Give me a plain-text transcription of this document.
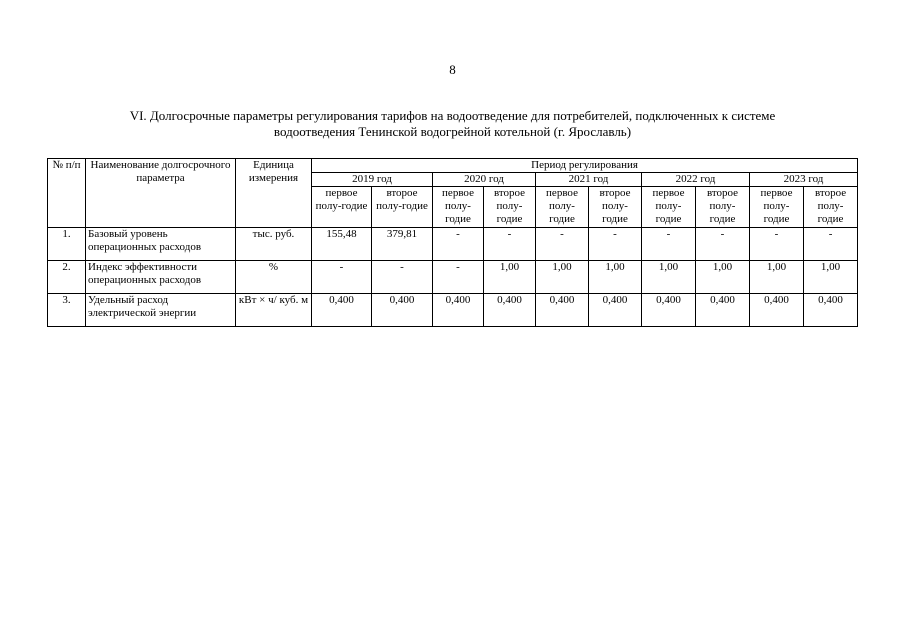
8
VI. Долгосрочные параметры регулирования тарифов на водоотведение для потребителей, подключенных к системе
водоотведения Тенинской водогрейной котельной (г. Ярославль)
№ п/п	Наименование долгосрочного параметра	Единица измерения	Период регулирования									
			2019 год		2020 год		2021 год		2022 год		2023 год	
			первое полу-годие	второе полу-годие	первое полу-годие	второе полу-годие	первое полу-годие	второе полу-годие	первое полу-годие	второе полу-годие	первое полу-годие	второе полу-годие
1.	Базовый уровень операционных расходов	тыс. руб.	155,48	379,81	-	-	-	-	-	-	-	-
2.	Индекс эффективности операционных расходов	%	-	-	-	1,00	1,00	1,00	1,00	1,00	1,00	1,00
3.	Удельный расход электрической энергии	кВт × ч/ куб. м	0,400	0,400	0,400	0,400	0,400	0,400	0,400	0,400	0,400	0,400
